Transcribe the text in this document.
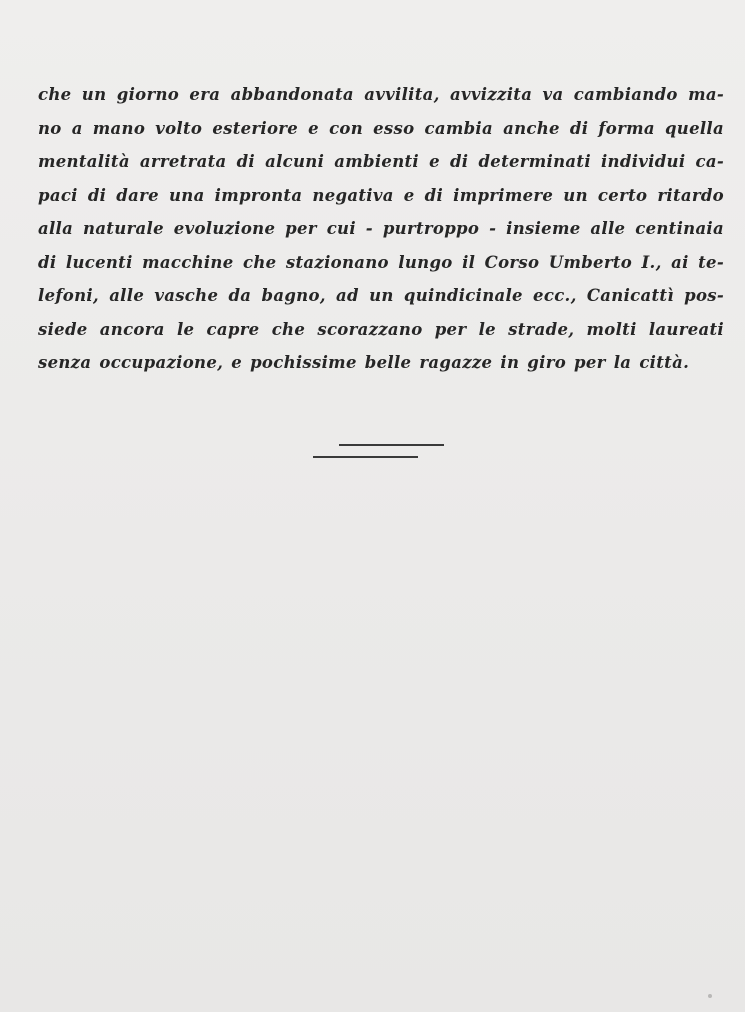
che un giorno era abbandonata avvilita, avvizzita va cambiando ma-
no a mano volto esteriore e con esso cambia anche di forma quella
mentalità arretrata di alcuni ambienti e di determinati individui ca-
paci di dare una impronta negativa e di imprimere un certo ritardo
alla naturale evoluzione per cui - purtroppo - insieme alle centinaia
di lucenti macchine che stazionano lungo il Corso Umberto I., ai te-
lefoni, alle vasche da bagno, ad un quindicinale ecc., Canicattì pos-
siede ancora le capre che scorazzano per le strade, molti laureati
senza occupazione, e pochissime belle ragazze in giro per la città.
